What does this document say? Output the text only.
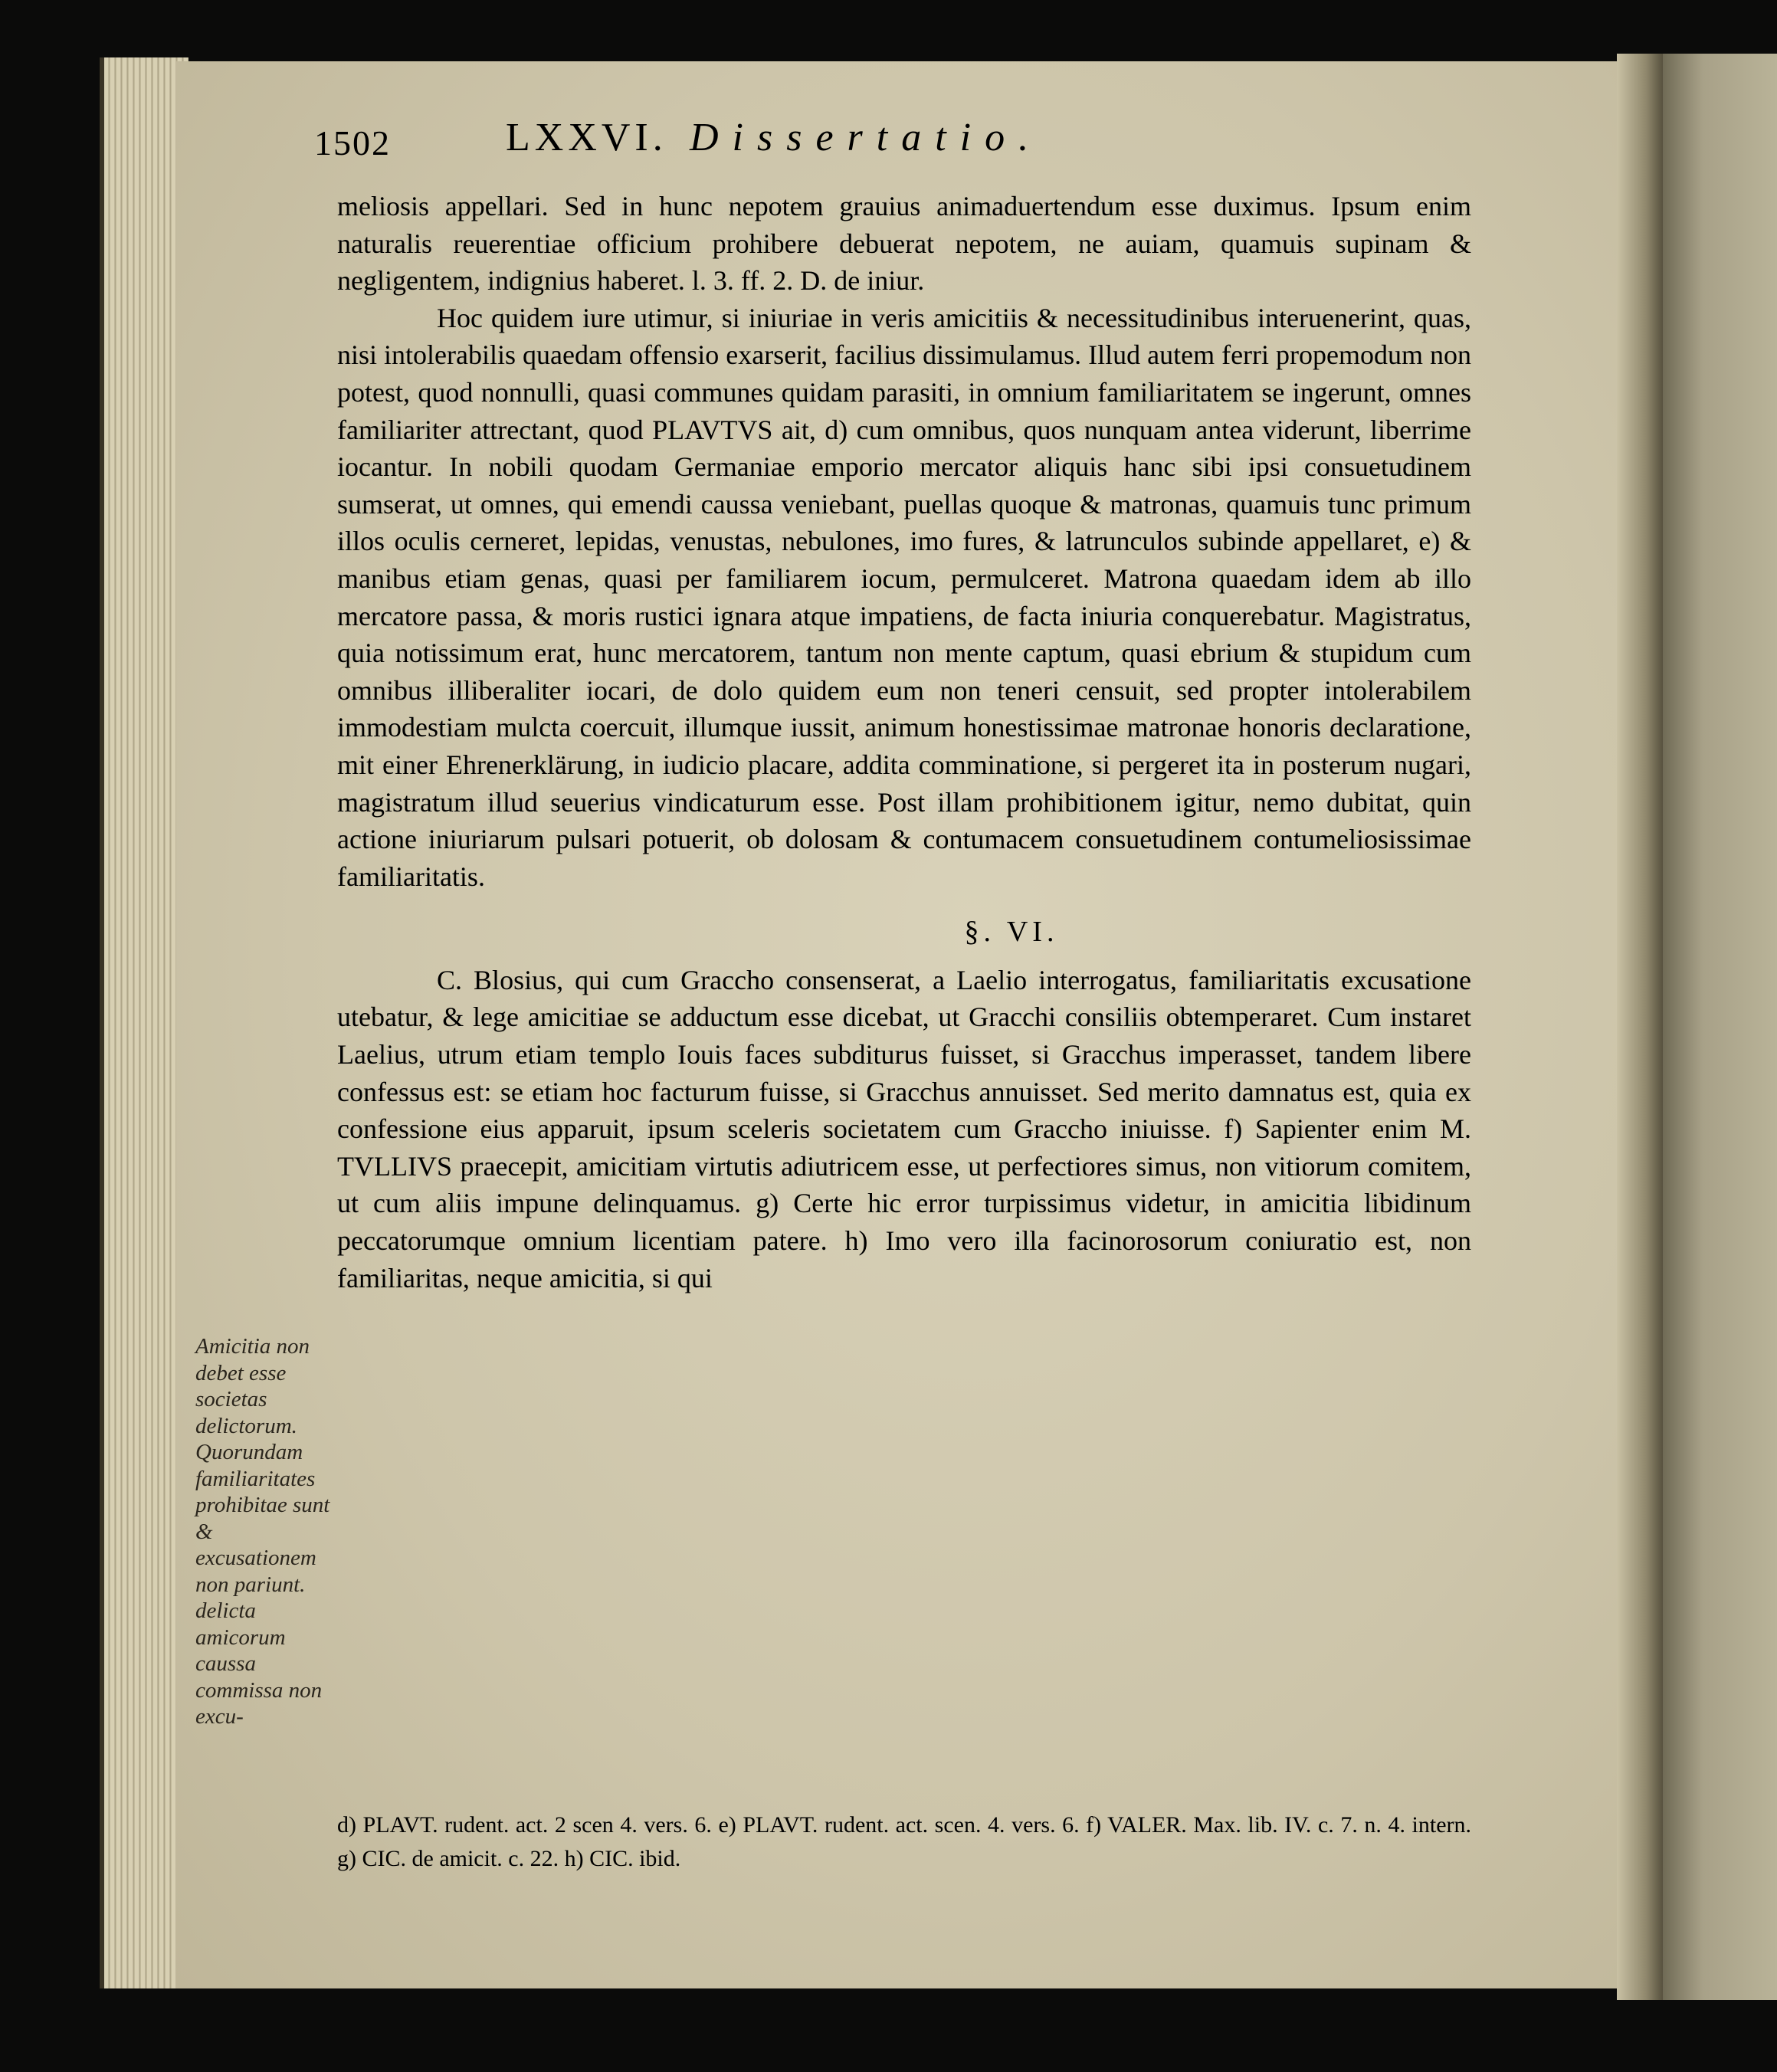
1502	LXXVI. Dissertatio.

meliosis appellari. Sed in hunc nepotem grauius animaduertendum esse duximus. Ipsum enim naturalis reuerentiae officium prohibere debuerat nepotem, ne auiam, quamuis supinam & negligentem, indignius haberet. l. 3. ff. 2. D. de iniur.

Hoc quidem iure utimur, si iniuriae in veris amicitiis & necessitudinibus interuenerint, quas, nisi intolerabilis quaedam offensio exarserit, facilius dissimulamus. Illud autem ferri propemodum non potest, quod nonnulli, quasi communes quidam parasiti, in omnium familiaritatem se ingerunt, omnes familiariter attrectant, quod PLAVTVS ait, d) cum omnibus, quos nunquam antea viderunt, liberrime iocantur. In nobili quodam Germaniae emporio mercator aliquis hanc sibi ipsi consuetudinem sumserat, ut omnes, qui emendi caussa veniebant, puellas quoque & matronas, quamuis tunc primum illos oculis cerneret, lepidas, venustas, nebulones, imo fures, & latrunculos subinde appellaret, e) & manibus etiam genas, quasi per familiarem iocum, permulceret. Matrona quaedam idem ab illo mercatore passa, & moris rustici ignara atque impatiens, de facta iniuria conquerebatur. Magistratus, quia notissimum erat, hunc mercatorem, tantum non mente captum, quasi ebrium & stupidum cum omnibus illiberaliter iocari, de dolo quidem eum non teneri censuit, sed propter intolerabilem immodestiam mulcta coercuit, illumque iussit, animum honestissimae matronae honoris declaratione, mit einer Ehrenerklärung, in iudicio placare, addita comminatione, si pergeret ita in posterum nugari, magistratum illud seuerius vindicaturum esse. Post illam prohibitionem igitur, nemo dubitat, quin actione iniuriarum pulsari potuerit, ob dolosam & contumacem consuetudinem contumeliosissimae familiaritatis.

§. VI.

C. Blosius, qui cum Graccho consenserat, a Laelio interrogatus, familiaritatis excusatione utebatur, & lege amicitiae se adductum esse dicebat, ut Gracchi consiliis obtemperaret. Cum instaret Laelius, utrum etiam templo Iouis faces subditurus fuisset, si Gracchus imperasset, tandem libere confessus est: se etiam hoc facturum fuisse, si Gracchus annuisset. Sed merito damnatus est, quia ex confessione eius apparuit, ipsum sceleris societatem cum Graccho iniuisse. f) Sapienter enim M. TVLLIVS praecepit, amicitiam virtutis adiutricem esse, ut perfectiores simus, non vitiorum comitem, ut cum aliis impune delinquamus. g) Certe hic error turpissimus videtur, in amicitia libidinum peccatorumque omnium licentiam patere. h) Imo vero illa facinorosorum coniuratio est, non familiaritas, neque amicitia, si qui

Amicitia non debet esse societas delictorum. Quorundam familiaritates prohibitae sunt & excusationem non pariunt. delicta amicorum caussa commissa non excu-

d) PLAVT. rudent. act. 2 scen 4. vers. 6. e) PLAVT. rudent. act. scen. 4. vers. 6. f) VALER. Max. lib. IV. c. 7. n. 4. intern. g) CIC. de amicit. c. 22. h) CIC. ibid.
